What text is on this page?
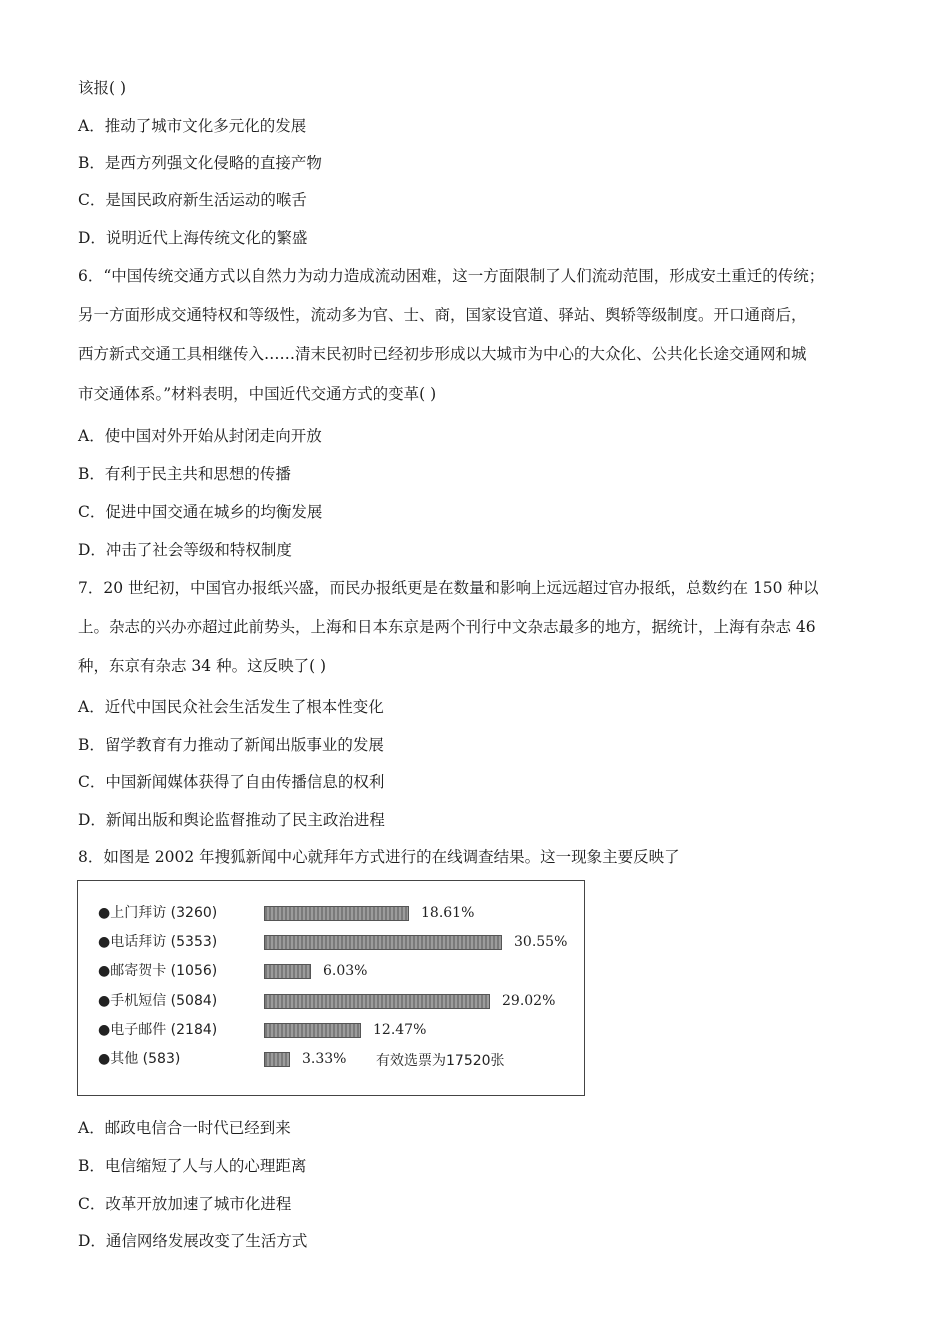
该报( )
A．推动了城市文化多元化的发展
B．是西方列强文化侵略的直接产物
C．是国民政府新生活运动的喉舌
D．说明近代上海传统文化的繁盛
6．“中国传统交通方式以自然力为动力造成流动困难，这一方面限制了人们流动范围，形成安土重迁的传统；
另一方面形成交通特权和等级性，流动多为官、士、商，国家设官道、驿站、舆轿等级制度。开口通商后，
西方新式交通工具相继传入……清末民初时已经初步形成以大城市为中心的大众化、公共化长途交通网和城
市交通体系。”材料表明，中国近代交通方式的变革( )
A．使中国对外开始从封闭走向开放
B．有利于民主共和思想的传播
C．促进中国交通在城乡的均衡发展
D．冲击了社会等级和特权制度
7．20 世纪初，中国官办报纸兴盛，而民办报纸更是在数量和影响上远远超过官办报纸，总数约在 150 种以
上。杂志的兴办亦超过此前势头，上海和日本东京是两个刊行中文杂志最多的地方，据统计，上海有杂志 46
种，东京有杂志 34 种。这反映了( )
A．近代中国民众社会生活发生了根本性变化
B．留学教育有力推动了新闻出版事业的发展
C．中国新闻媒体获得了自由传播信息的权利
D．新闻出版和舆论监督推动了民主政治进程
8．如图是 2002 年搜狐新闻中心就拜年方式进行的在线调查结果。这一现象主要反映了
有效选票为17520张
●上门拜访 (3260)	18.61%
●电话拜访 (5353)	30.55%
●邮寄贺卡 (1056)	6.03%
●手机短信 (5084)	29.02%
●电子邮件 (2184)	12.47%
●其他 (583)	3.33%
A．邮政电信合一时代已经到来
B．电信缩短了人与人的心理距离
C．改革开放加速了城市化进程
D．通信网络发展改变了生活方式
